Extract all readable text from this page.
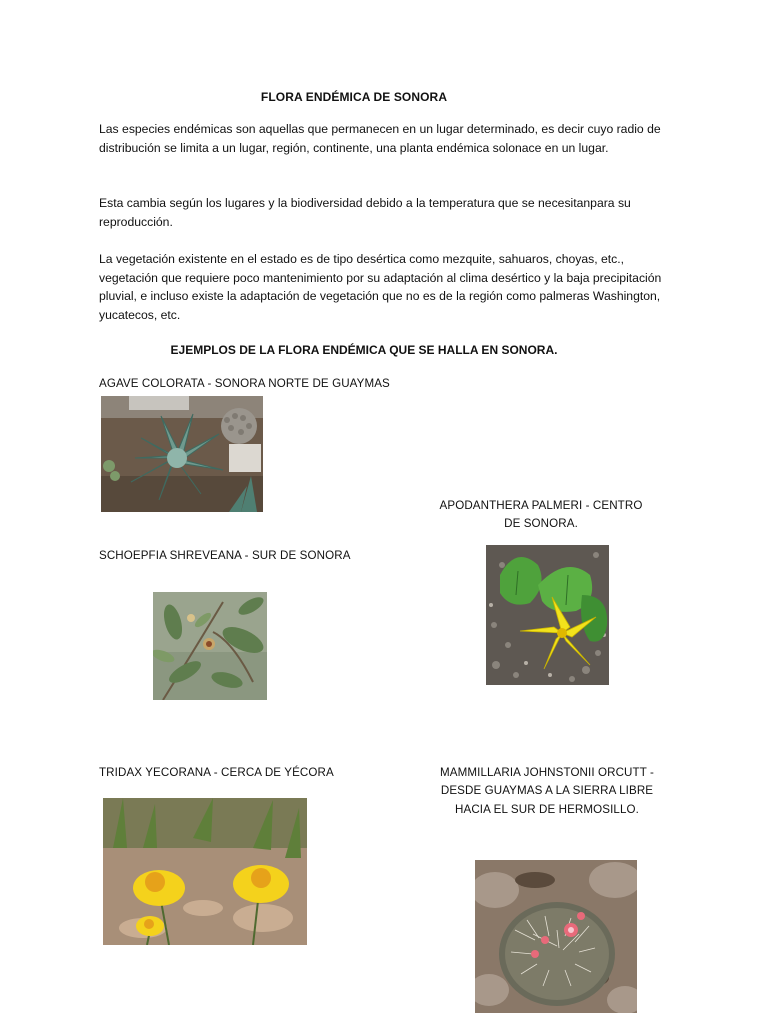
FLORA ENDÉMICA DE SONORA

Las especies endémicas son aquellas que permanecen en un lugar determinado, es decir cuyo radio de distribución se limita a un lugar, región, continente, una planta endémica solonace en un lugar.

Esta cambia según los lugares y la biodiversidad debido a la temperatura que se necesitanpara su reproducción.

La vegetación existente en el estado es de tipo desértica como mezquite, sahuaros, choyas, etc., vegetación que requiere poco mantenimiento por su adaptación al clima desértico y la baja precipitación pluvial, e incluso existe la adaptación de vegetación que no es de la región como palmeras Washington, yucatecos, etc.

EJEMPLOS DE LA FLORA ENDÉMICA QUE SE HALLA EN SONORA.

AGAVE COLORATA - SONORA NORTE DE GUAYMAS

APODANTHERA PALMERI - CENTRO DE SONORA.

SCHOEPFIA SHREVEANA - SUR DE SONORA

TRIDAX YECORANA - CERCA DE YÉCORA	MAMMILLARIA JOHNSTONII ORCUTT - DESDE GUAYMAS A LA SIERRA LIBRE HACIA EL SUR DE HERMOSILLO.
